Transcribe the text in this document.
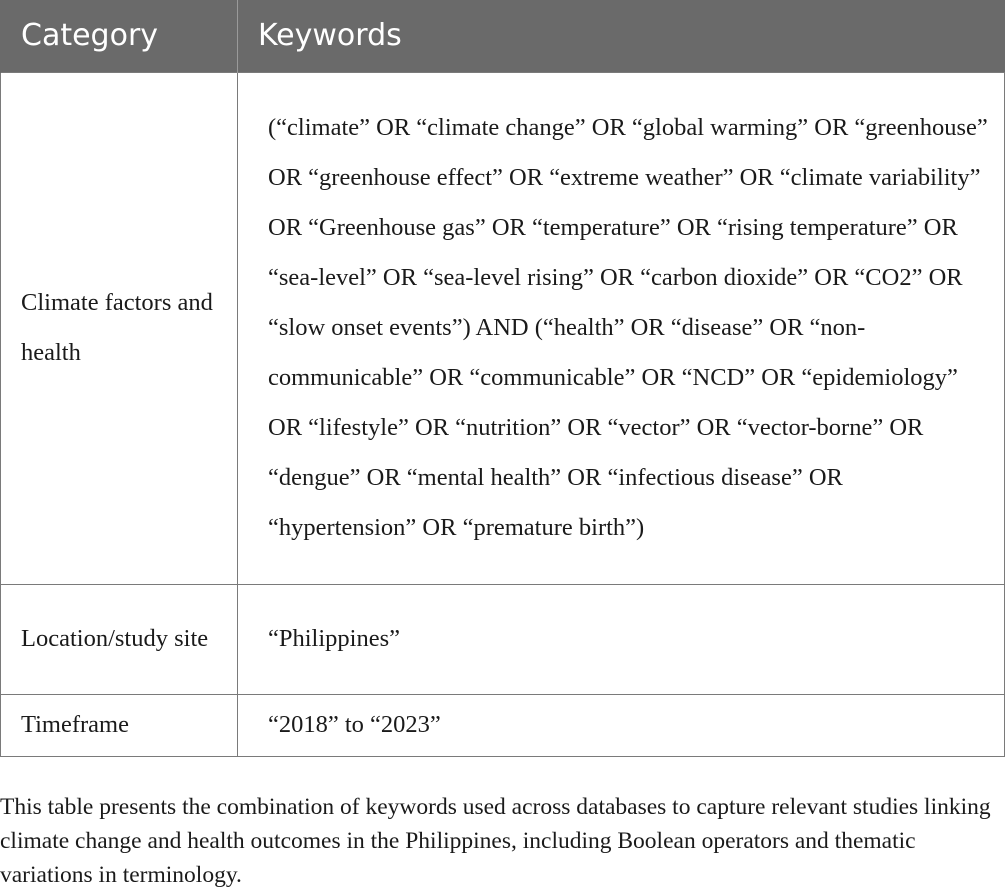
Category	Keywords
Climate factors and health	(“climate” OR “climate change” OR “global warming” OR “greenhouse” OR “greenhouse effect” OR “extreme weather” OR “climate variability” OR “Greenhouse gas” OR “temperature” OR “rising temperature” OR “sea-level” OR “sea-level rising” OR “carbon dioxide” OR “CO2” OR “slow onset events”) AND (“health” OR “disease” OR “non-communicable” OR “communicable” OR “NCD” OR “epidemiology” OR “lifestyle” OR “nutrition” OR “vector” OR “vector-borne” OR “dengue” OR “mental health” OR “infectious disease” OR “hypertension” OR “premature birth”)
Location/study site	“Philippines”
Timeframe	“2018” to “2023”

This table presents the combination of keywords used across databases to capture relevant studies linking climate change and health outcomes in the Philippines, including Boolean operators and thematic variations in terminology.
